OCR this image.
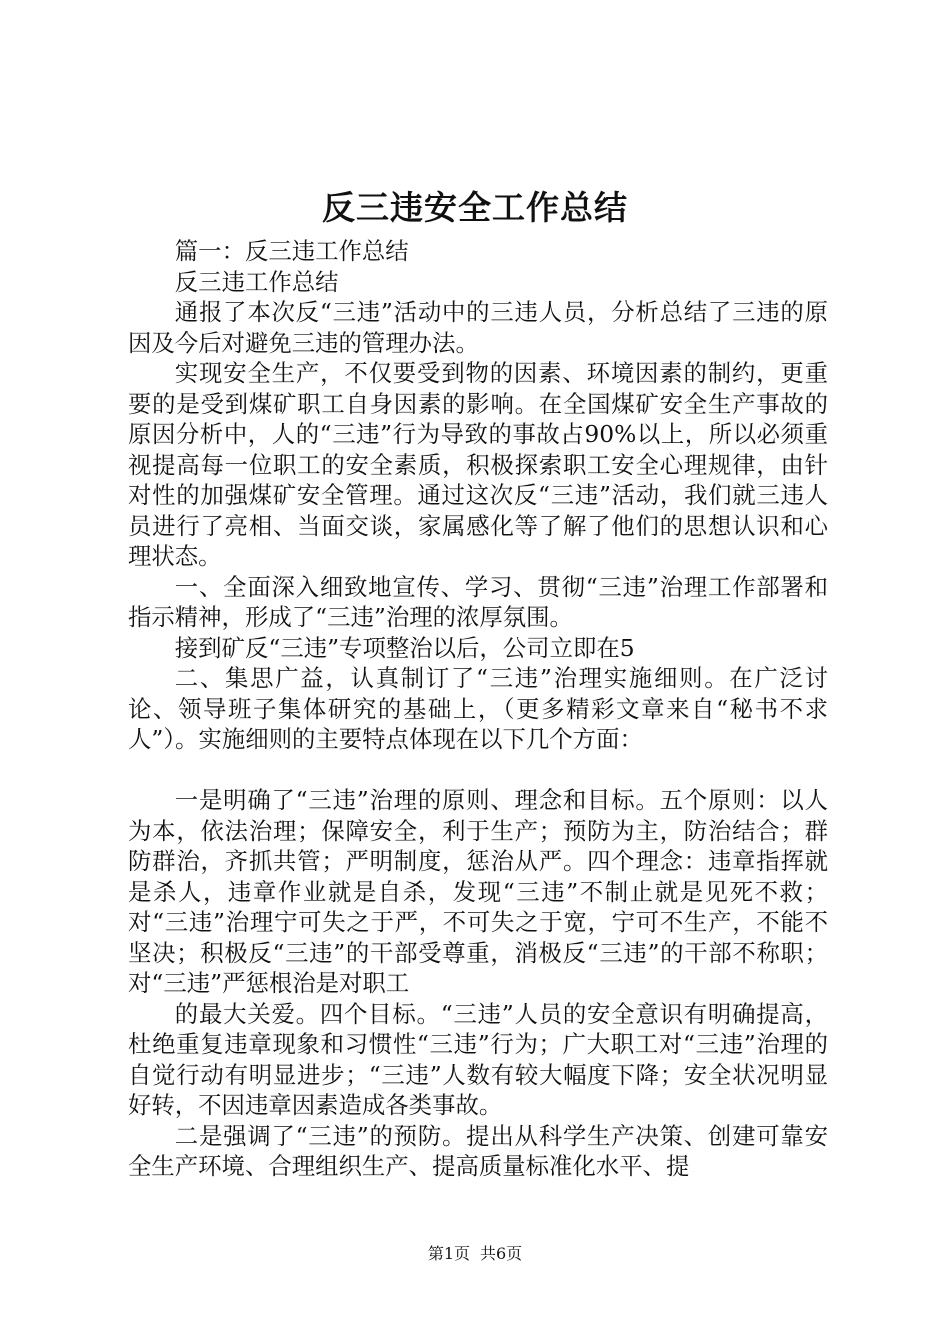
反三违安全工作总结

篇一：反三违工作总结

反三违工作总结

通报了本次反“三违”活动中的三违人员，分析总结了三违的原因及今后对避免三违的管理办法。

实现安全生产，不仅要受到物的因素、环境因素的制约，更重要的是受到煤矿职工自身因素的影响。在全国煤矿安全生产事故的原因分析中，人的“三违”行为导致的事故占90%以上，所以必须重视提高每一位职工的安全素质，积极探索职工安全心理规律，由针对性的加强煤矿安全管理。通过这次反“三违”活动，我们就三违人员进行了亮相、当面交谈，家属感化等了解了他们的思想认识和心理状态。

一、全面深入细致地宣传、学习、贯彻“三违”治理工作部署和指示精神，形成了“三违”治理的浓厚氛围。

接到矿反“三违”专项整治以后，公司立即在5

二、集思广益，认真制订了“三违”治理实施细则。在广泛讨论、领导班子集体研究的基础上，（更多精彩文章来自“秘书不求人”）。实施细则的主要特点体现在以下几个方面：

一是明确了“三违”治理的原则、理念和目标。五个原则：以人为本，依法治理；保障安全，利于生产；预防为主，防治结合；群防群治，齐抓共管；严明制度，惩治从严。四个理念：违章指挥就是杀人，违章作业就是自杀，发现“三违”不制止就是见死不救；对“三违”治理宁可失之于严，不可失之于宽，宁可不生产，不能不坚决；积极反“三违”的干部受尊重，消极反“三违”的干部不称职；对“三违”严惩根治是对职工

的最大关爱。四个目标。“三违”人员的安全意识有明确提高，杜绝重复违章现象和习惯性“三违”行为；广大职工对“三违”治理的自觉行动有明显进步；“三违”人数有较大幅度下降；安全状况明显好转，不因违章因素造成各类事故。

二是强调了“三违”的预防。提出从科学生产决策、创建可靠安全生产环境、合理组织生产、提高质量标准化水平、提

第1页 共6页
